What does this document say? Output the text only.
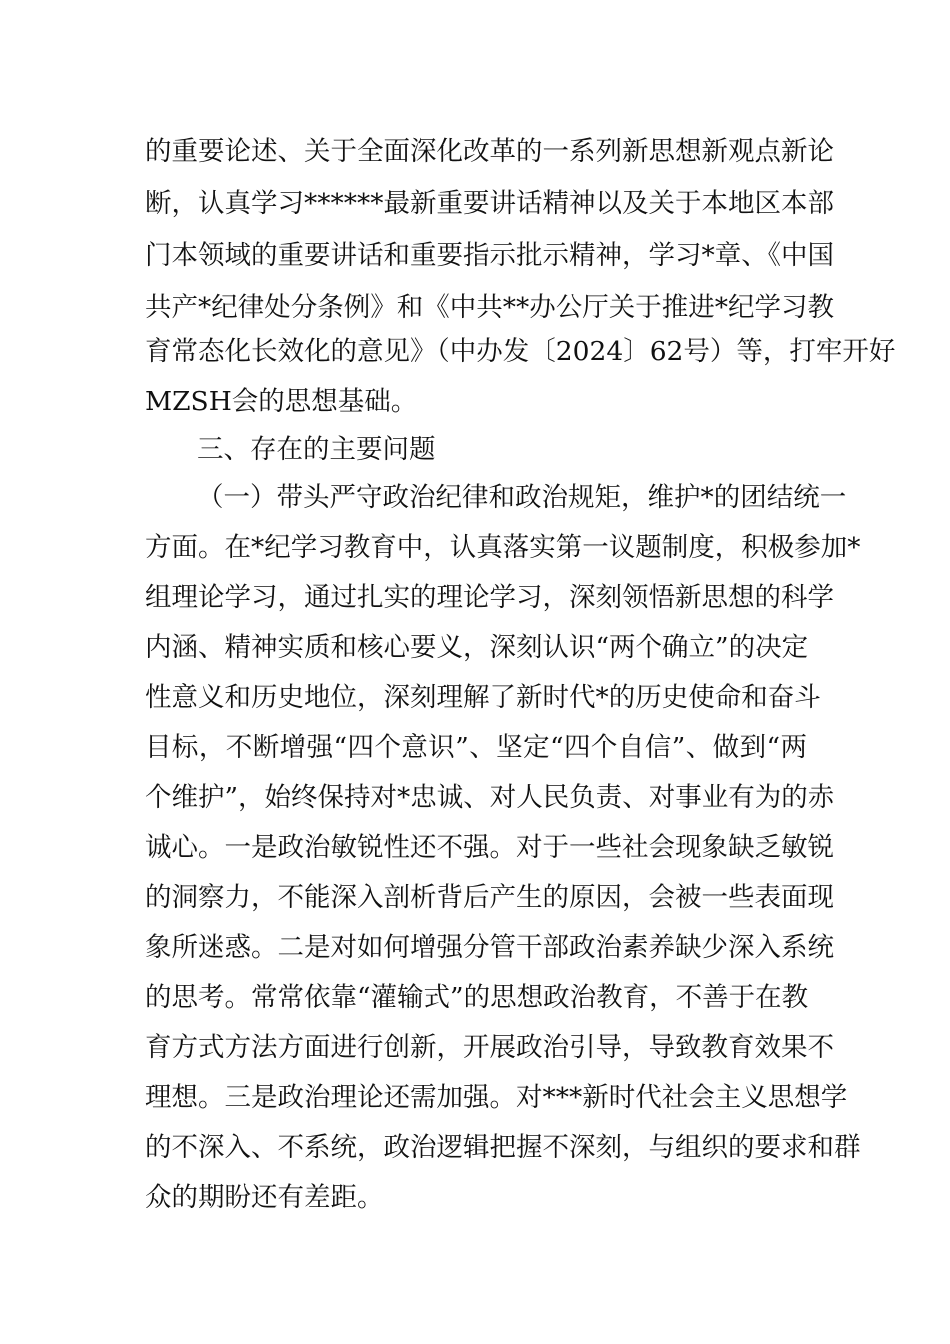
的重要论述、关于全面深化改革的一系列新思想新观点新论
断，认真学习******最新重要讲话精神以及关于本地区本部
门本领域的重要讲话和重要指示批示精神，学习*章、《中国
共产*纪律处分条例》和《中共**办公厅关于推进*纪学习教
育常态化长效化的意见》（中办发〔2024〕62号）等，打牢开好
MZSH会的思想基础。
三、存在的主要问题
（一）带头严守政治纪律和政治规矩，维护*的团结统一
方面。在*纪学习教育中，认真落实第一议题制度，积极参加*
组理论学习，通过扎实的理论学习，深刻领悟新思想的科学
内涵、精神实质和核心要义，深刻认识“两个确立”的决定
性意义和历史地位，深刻理解了新时代*的历史使命和奋斗
目标，不断增强“四个意识”、坚定“四个自信”、做到“两
个维护”，始终保持对*忠诚、对人民负责、对事业有为的赤
诚心。一是政治敏锐性还不强。对于一些社会现象缺乏敏锐
的洞察力，不能深入剖析背后产生的原因，会被一些表面现
象所迷惑。二是对如何增强分管干部政治素养缺少深入系统
的思考。常常依靠“灌输式”的思想政治教育，不善于在教
育方式方法方面进行创新，开展政治引导，导致教育效果不
理想。三是政治理论还需加强。对***新时代社会主义思想学
的不深入、不系统，政治逻辑把握不深刻，与组织的要求和群
众的期盼还有差距。
